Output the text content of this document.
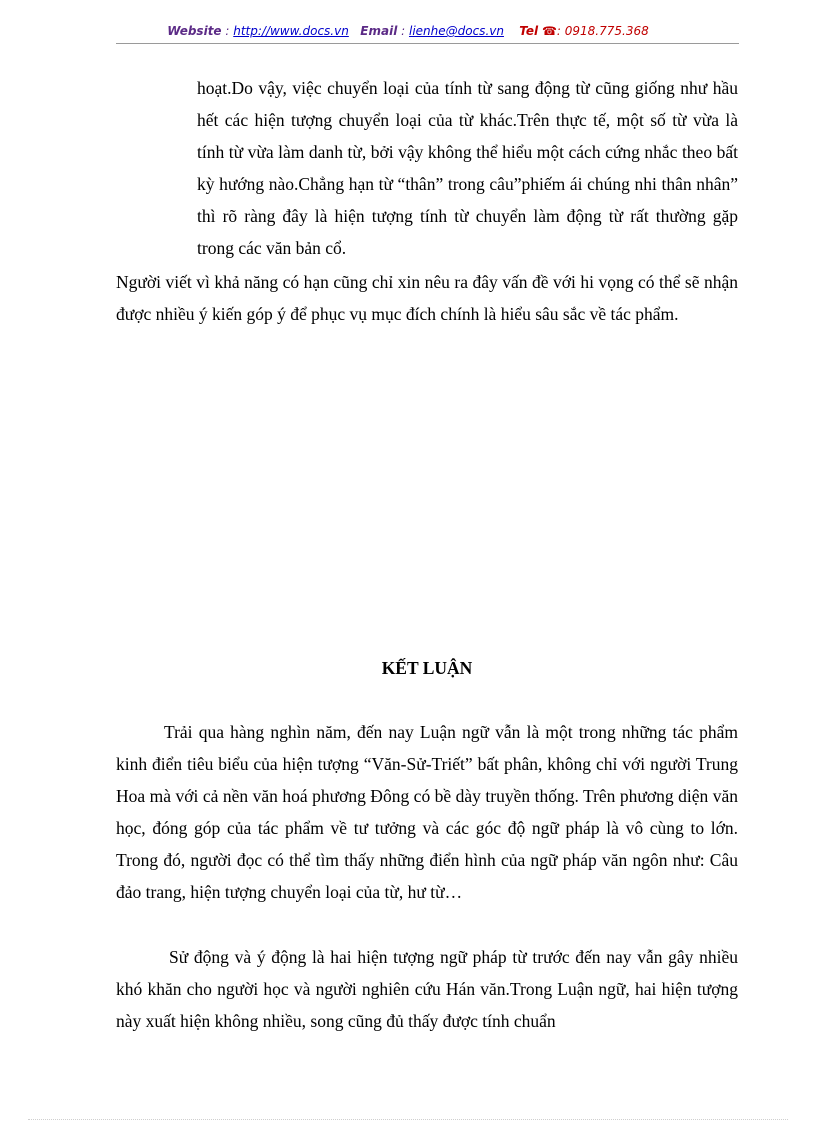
Website : http://www.docs.vn Email : lienhe@docs.vn Tel ☎: 0918.775.368

hoạt.Do vậy, việc chuyển loại của tính từ sang động từ cũng giống như hầu hết các hiện tượng chuyển loại của từ khác.Trên thực tế, một số từ vừa là tính từ vừa làm danh từ, bởi vậy không thể hiểu một cách cứng nhắc theo bất kỳ hướng nào.Chẳng hạn từ “thân” trong câu”phiếm ái chúng nhi thân nhân” thì rõ ràng đây là hiện tượng tính từ chuyển làm động từ rất thường gặp trong các văn bản cổ.

Người viết vì khả năng có hạn cũng chỉ xin nêu ra đây vấn đề với hi vọng có thể sẽ nhận được nhiều ý kiến góp ý để phục vụ mục đích chính là hiểu sâu sắc về tác phẩm.

KẾT LUẬN

Trải qua hàng nghìn năm, đến nay Luận ngữ vẫn là một trong những tác phẩm kinh điển tiêu biểu của hiện tượng “Văn-Sử-Triết” bất phân, không chỉ với người Trung Hoa mà với cả nền văn hoá phương Đông có bề dày truyền thống. Trên phương diện văn học, đóng góp của tác phẩm về tư tưởng và các góc độ ngữ pháp là vô cùng to lớn. Trong đó, người đọc có thể tìm thấy những điển hình của ngữ pháp văn ngôn như: Câu đảo trang, hiện tượng chuyển loại của từ, hư từ…

Sử động và ý động là hai hiện tượng ngữ pháp từ trước đến nay vẫn gây nhiều khó khăn cho người học và người nghiên cứu Hán văn.Trong Luận ngữ, hai hiện tượng này xuất hiện không nhiều, song cũng đủ thấy được tính chuẩn
